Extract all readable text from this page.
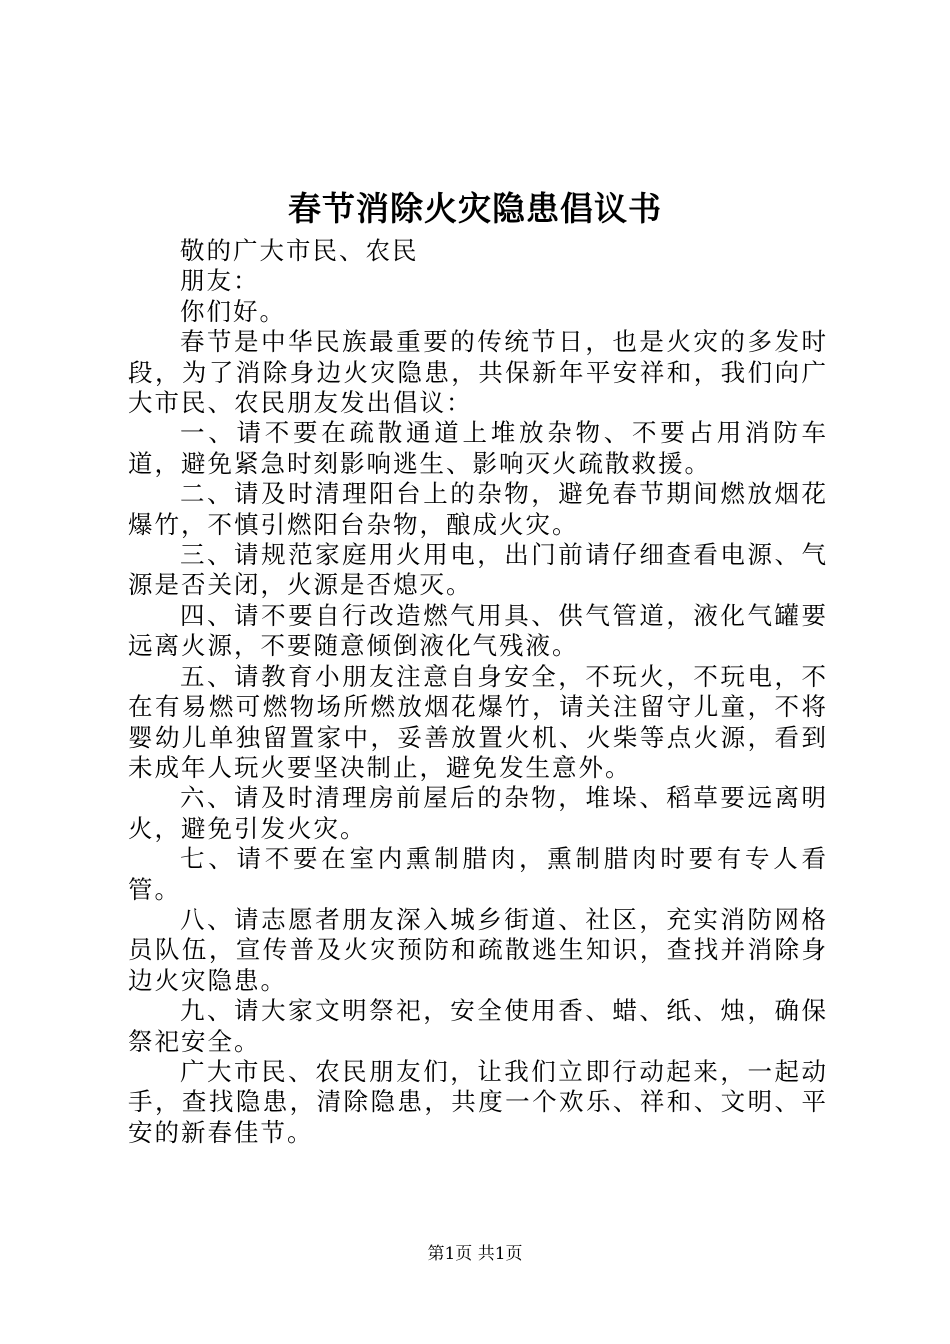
春节消除火灾隐患倡议书

敬的广大市民、农民

朋友：

你们好。

春节是中华民族最重要的传统节日，也是火灾的多发时段，为了消除身边火灾隐患，共保新年平安祥和，我们向广大市民、农民朋友发出倡议：

一、请不要在疏散通道上堆放杂物、不要占用消防车道，避免紧急时刻影响逃生、影响灭火疏散救援。

二、请及时清理阳台上的杂物，避免春节期间燃放烟花爆竹，不慎引燃阳台杂物，酿成火灾。

三、请规范家庭用火用电，出门前请仔细查看电源、气源是否关闭，火源是否熄灭。

四、请不要自行改造燃气用具、供气管道，液化气罐要远离火源，不要随意倾倒液化气残液。

五、请教育小朋友注意自身安全，不玩火，不玩电，不在有易燃可燃物场所燃放烟花爆竹，请关注留守儿童，不将婴幼儿单独留置家中，妥善放置火机、火柴等点火源，看到未成年人玩火要坚决制止，避免发生意外。

六、请及时清理房前屋后的杂物，堆垛、稻草要远离明火，避免引发火灾。

七、请不要在室内熏制腊肉，熏制腊肉时要有专人看管。

八、请志愿者朋友深入城乡街道、社区，充实消防网格员队伍，宣传普及火灾预防和疏散逃生知识，查找并消除身边火灾隐患。

九、请大家文明祭祀，安全使用香、蜡、纸、烛，确保祭祀安全。

广大市民、农民朋友们，让我们立即行动起来，一起动手，查找隐患，清除隐患，共度一个欢乐、祥和、文明、平安的新春佳节。

第1页 共1页
